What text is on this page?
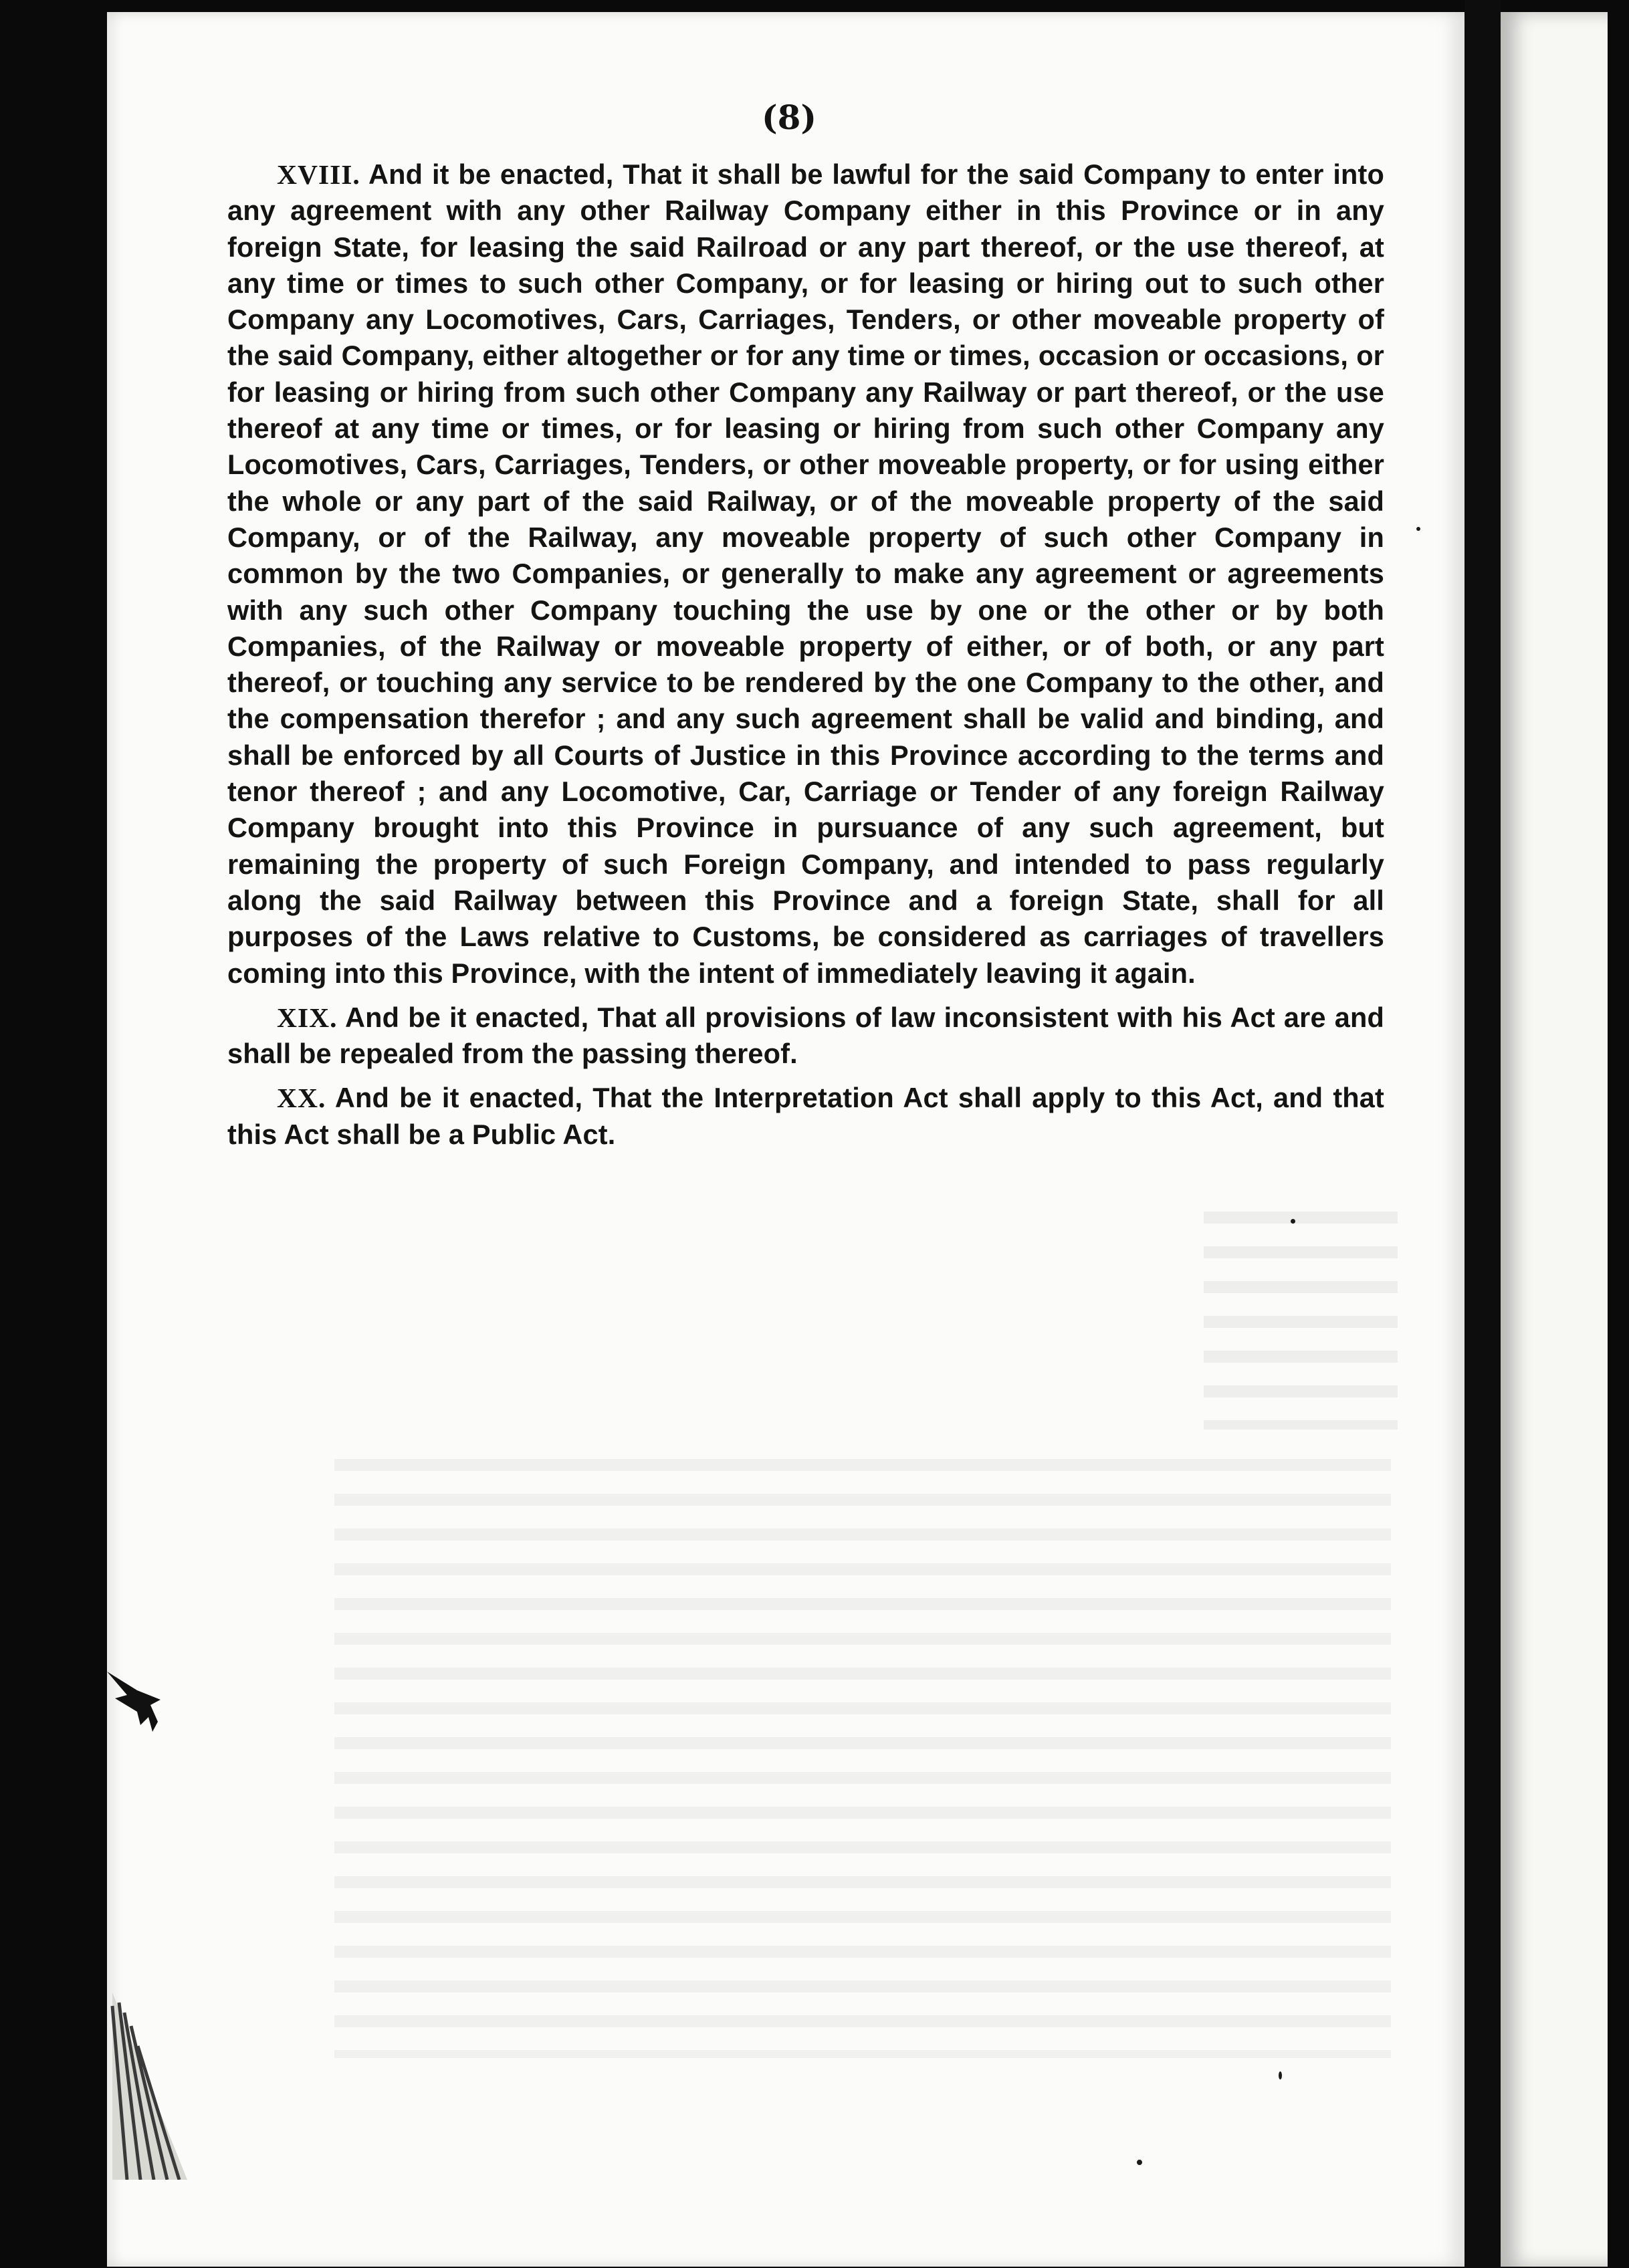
(8)

XVIII. And it be enacted, That it shall be lawful for the said Company to enter into any agreement with any other Railway Company either in this Province or in any foreign State, for leasing the said Railroad or any part thereof, or the use thereof, at any time or times to such other Company, or for leasing or hiring out to such other Company any Locomotives, Cars, Carriages, Tenders, or other moveable property of the said Company, either altogether or for any time or times, occasion or occasions, or for leasing or hiring from such other Company any Railway or part thereof, or the use thereof at any time or times, or for leasing or hiring from such other Company any Locomotives, Cars, Carriages, Tenders, or other moveable property, or for using either the whole or any part of the said Railway, or of the moveable property of the said Company, or of the Railway, any moveable property of such other Company in common by the two Companies, or generally to make any agreement or agreements with any such other Company touching the use by one or the other or by both Companies, of the Railway or moveable property of either, or of both, or any part thereof, or touching any service to be rendered by the one Company to the other, and the compensation therefor ; and any such agreement shall be valid and binding, and shall be enforced by all Courts of Justice in this Province according to the terms and tenor thereof ; and any Locomotive, Car, Carriage or Tender of any foreign Railway Company brought into this Province in pursuance of any such agreement, but remaining the property of such Foreign Company, and intended to pass regularly along the said Railway between this Province and a foreign State, shall for all purposes of the Laws relative to Customs, be considered as carriages of travellers coming into this Province, with the intent of immediately leaving it again.

XIX. And be it enacted, That all provisions of law inconsistent with his Act are and shall be repealed from the passing thereof.

XX. And be it enacted, That the Interpretation Act shall apply to this Act, and that this Act shall be a Public Act.
